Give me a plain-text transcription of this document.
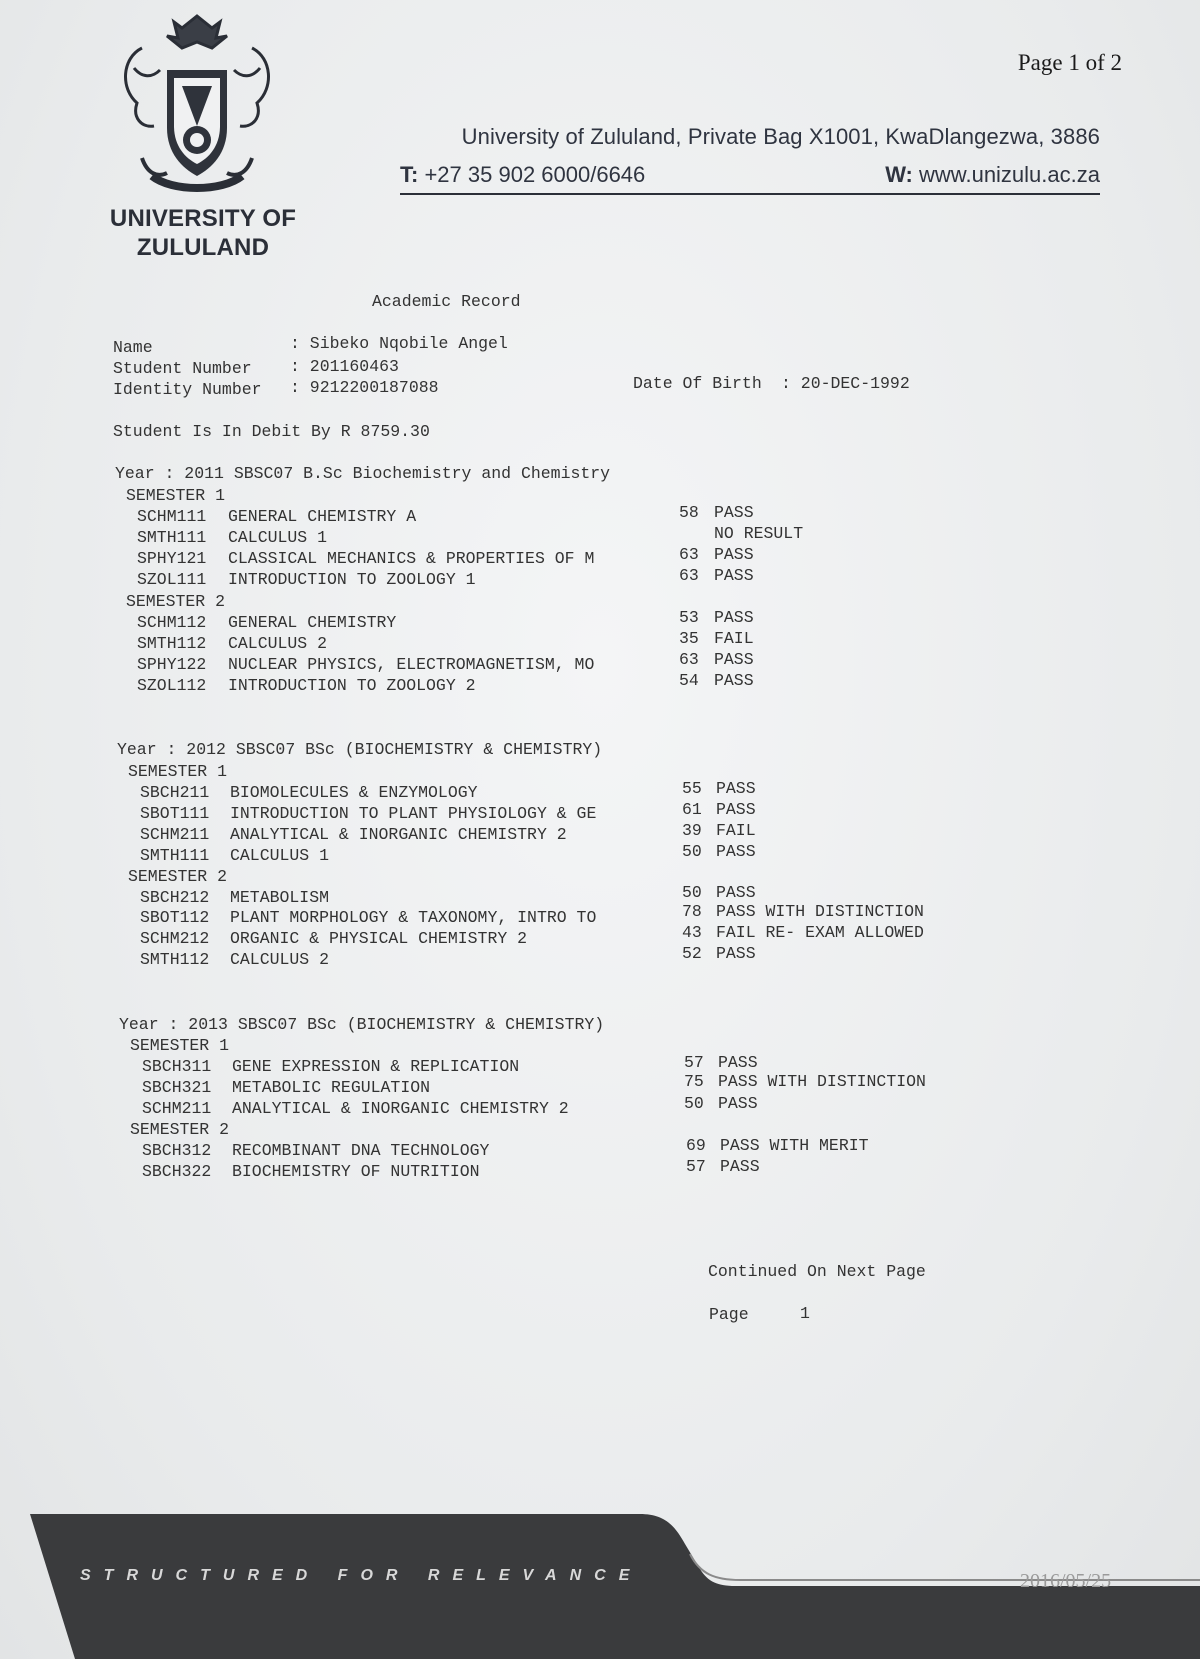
Page 1 of 2
UNIVERSITY OF
ZULULAND
University of Zululand, Private Bag X1001, KwaDlangezwa, 3886
T: +27 35 902 6000/6646	W: www.unizulu.ac.za
Academic Record
Name	: Sibeko Nqobile Angel
Student Number : 201160463
Identity Number : 9212200187088	Date Of Birth : 20-DEC-1992
Student Is In Debit By R 8759.30
Year : 2011 SBSC07 B.Sc Biochemistry and Chemistry
SEMESTER 1
SCHM111 GENERAL CHEMISTRY A	58 PASS
SMTH111 CALCULUS 1	NO RESULT
SPHY121 CLASSICAL MECHANICS & PROPERTIES OF M	63 PASS
SZOL111 INTRODUCTION TO ZOOLOGY 1	63 PASS
SEMESTER 2
SCHM112 GENERAL CHEMISTRY	53 PASS
SMTH112 CALCULUS 2	35 FAIL
SPHY122 NUCLEAR PHYSICS, ELECTROMAGNETISM, MO	63 PASS
SZOL112 INTRODUCTION TO ZOOLOGY 2	54 PASS
Year : 2012 SBSC07 BSc (BIOCHEMISTRY & CHEMISTRY)
SEMESTER 1
SBCH211 BIOMOLECULES & ENZYMOLOGY	55 PASS
SBOT111 INTRODUCTION TO PLANT PHYSIOLOGY & GE	61 PASS
SCHM211 ANALYTICAL & INORGANIC CHEMISTRY 2	39 FAIL
SMTH111 CALCULUS 1	50 PASS
SEMESTER 2
SBCH212 METABOLISM	50 PASS
SBOT112 PLANT MORPHOLOGY & TAXONOMY, INTRO TO	78 PASS WITH DISTINCTION
SCHM212 ORGANIC & PHYSICAL CHEMISTRY 2	43 FAIL RE- EXAM ALLOWED
SMTH112 CALCULUS 2	52 PASS
Year : 2013 SBSC07 BSc (BIOCHEMISTRY & CHEMISTRY)
SEMESTER 1
SBCH311 GENE EXPRESSION & REPLICATION	57 PASS
SBCH321 METABOLIC REGULATION	75 PASS WITH DISTINCTION
SCHM211 ANALYTICAL & INORGANIC CHEMISTRY 2	50 PASS
SEMESTER 2
SBCH312 RECOMBINANT DNA TECHNOLOGY	69 PASS WITH MERIT
SBCH322 BIOCHEMISTRY OF NUTRITION	57 PASS
Continued On Next Page
Page	1
STRUCTURED FOR RELEVANCE	2016/05/25
